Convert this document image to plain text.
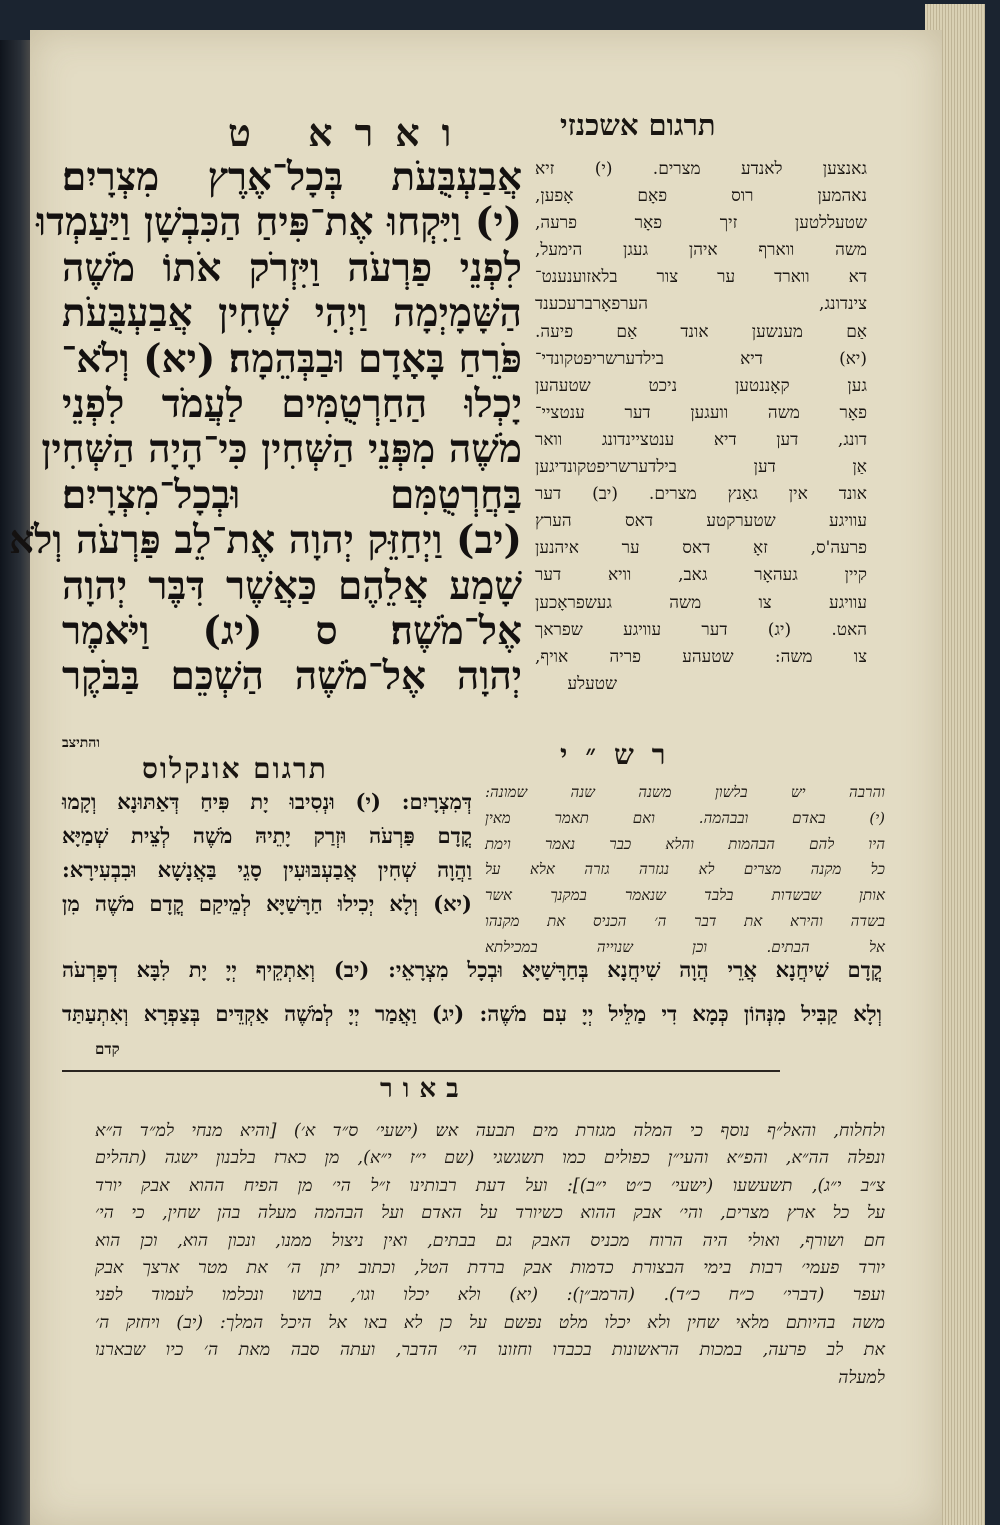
וארא ט	תרגום אשכנזי
אֲבַעְבֻּעֹת בְּכָל־אֶרֶץ מִצְרָיִם׃
(י) וַיִּקְחוּ אֶת־פִּיחַ הַכִּבְשָׁן וַיַּעַמְדוּ
לִפְנֵי פַרְעֹה וַיִּזְרֹק אֹתוֹ מֹשֶׁה
הַשָּׁמָיְמָה וַיְהִי שְׁחִין אֲבַעְבֻּעֹת
פֹּרֵחַ בָּאָדָם וּבַבְּהֵמָה׃ (יא) וְלֹא־
יָכְלוּ הַחַרְטֻמִּים לַעֲמֹד לִפְנֵי
מֹשֶׁה מִפְּנֵי הַשְּׁחִין כִּי־הָיָה הַשְּׁחִין
בַּחֲרְטֻמִּם וּבְכָל־מִצְרָיִם׃
(יב) וַיְחַזֵּק יְהוָה אֶת־לֵב פַּרְעֹה וְלֹא
שָׁמַע אֲלֵהֶם כַּאֲשֶׁר דִּבֶּר יְהוָה
אֶל־מֹשֶׁה׃ ס (יג) וַיֹּאמֶר
יְהוָה אֶל־מֹשֶׁה הַשְׁכֵּם בַּבֹּקֶר
גאנצען לאנדע מצרים. (י) זיא
נאהמען רוס פאָם אָפען,
שטעללטען זיך פאָר פרעה,
משה ווארף איהן געגן הימעל,
דא ווארד ער צור בלאזוענענט־
צינדונג, הערפאָרברעכענד
אַם מענשען אונד אַם פיעה.
(יא) דיא בילדערשריפטקונדי־
גען קאָננטען ניכט שטעהען
פאָר משה וועגען דער ענטציי־
דונג, דען דיא ענטציינדונג וואר
אַן דען בילדערשריפטקונדיגען
אונד אין גאַנץ מצרים. (יב) דער
עוויגע שטערקטע דאס הערץ
פרעה'ס, זאָ דאס ער איהנען
קיין געהאָר גאב, וויא דער
עוויגע צו משה געשפראָכען
האט. (יג) דער עוויגע שפראך
צו משה: שטעהע פריה אויף,
שטעלע
והתיצב
תרגום אונקלוס	רש״י
דְּמִצְרָיִם: (י) וּנְסִיבוּ יָת פִּיחַ דְּאַתּוּנָא וְקָמוּ
קֳדָם פַּרְעֹה וּזְרַק יָתֵיהּ מֹשֶׁה לְצֵית שְׁמַיָּא
וַהֲוָה שְׁחִין אֲבַעְבּוּעִין סָגֵי בַּאֲנָשָׁא וּבִבְעִירָא:
(יא) וְלָא יְכִילוּ חַרָּשַׁיָּא לְמֵיקַם קֳדָם מֹשֶׁה מִן
והרבה יש בלשון משנה שנה שמונה:
(י) באדם ובבהמה. ואם תאמר מאין
היו להם הבהמות והלא כבר נאמר וימת
כל מקנה מצרים לא נגזרה גזרה אלא על
אותן שבשדות בלבד שנאמר במקנך אשר
בשדה והירא את דבר ה׳ הכניס את מקנהו
אל הבתים. וכן שנוייה במכילתא
קֳדָם שִׁיחֲנָא אֲרֵי הֲוָה שִׁיחֲנָא בְּחַרָּשַׁיָּא וּבְכָל מִצְרָאֵי: (יב) וְאַתְקֵיף יְיָ יָת לִבָּא דְפַרְעֹה
וְלָא קַבִּיל מִנְּהוֹן כְּמָא דִי מַלֵּיל יְיָ עִם מֹשֶׁה: (יג) וַאֲמַר יְיָ לְמֹשֶׁה אַקְדֵּים בְּצַפְרָא וְאִתְעַתַּד
קדם
באור
ולחלוח, והאל״ף נוסף כי המלה מגזרת מים תבעה אש (ישעי׳ ס״ד א׳) [והיא מנחי למ״ד ה״א
ונפלה הה״א, והפ״א והעי״ן כפולים כמו תשגשגי (שם י״ז י״א), מן כארז בלבנון ישגה (תהלים
צ״ב י״ג), תשעשעו (ישעי׳ כ״ט י״ב)]: ועל דעת רבותינו ז״ל הי׳ מן הפיח ההוא אבק יורד
על כל ארץ מצרים, והי׳ אבק ההוא כשיורד על האדם ועל הבהמה מעלה בהן שחין, כי הי׳
חם ושורף, ואולי היה הרוח מכניס האבק גם בבתים, ואין ניצול ממנו, ונכון הוא, וכן הוא
יורד פעמי׳ רבות בימי הבצורת כדמות אבק ברדת הטל, וכתוב יתן ה׳ את מטר ארצך אבק
ועפר (דברי׳ כ״ח כ״ד). (הרמב״ן): (יא) ולא יכלו וגו׳, בושו ונכלמו לעמוד לפני
משה בהיותם מלאי שחין ולא יכלו מלט נפשם על כן לא באו אל היכל המלך: (יב) ויחזק ה׳
את לב פרעה, במכות הראשונות בכבדו וחזונו הי׳ הדבר, ועתה סבה מאת ה׳ כיו שבארנו
למעלה
